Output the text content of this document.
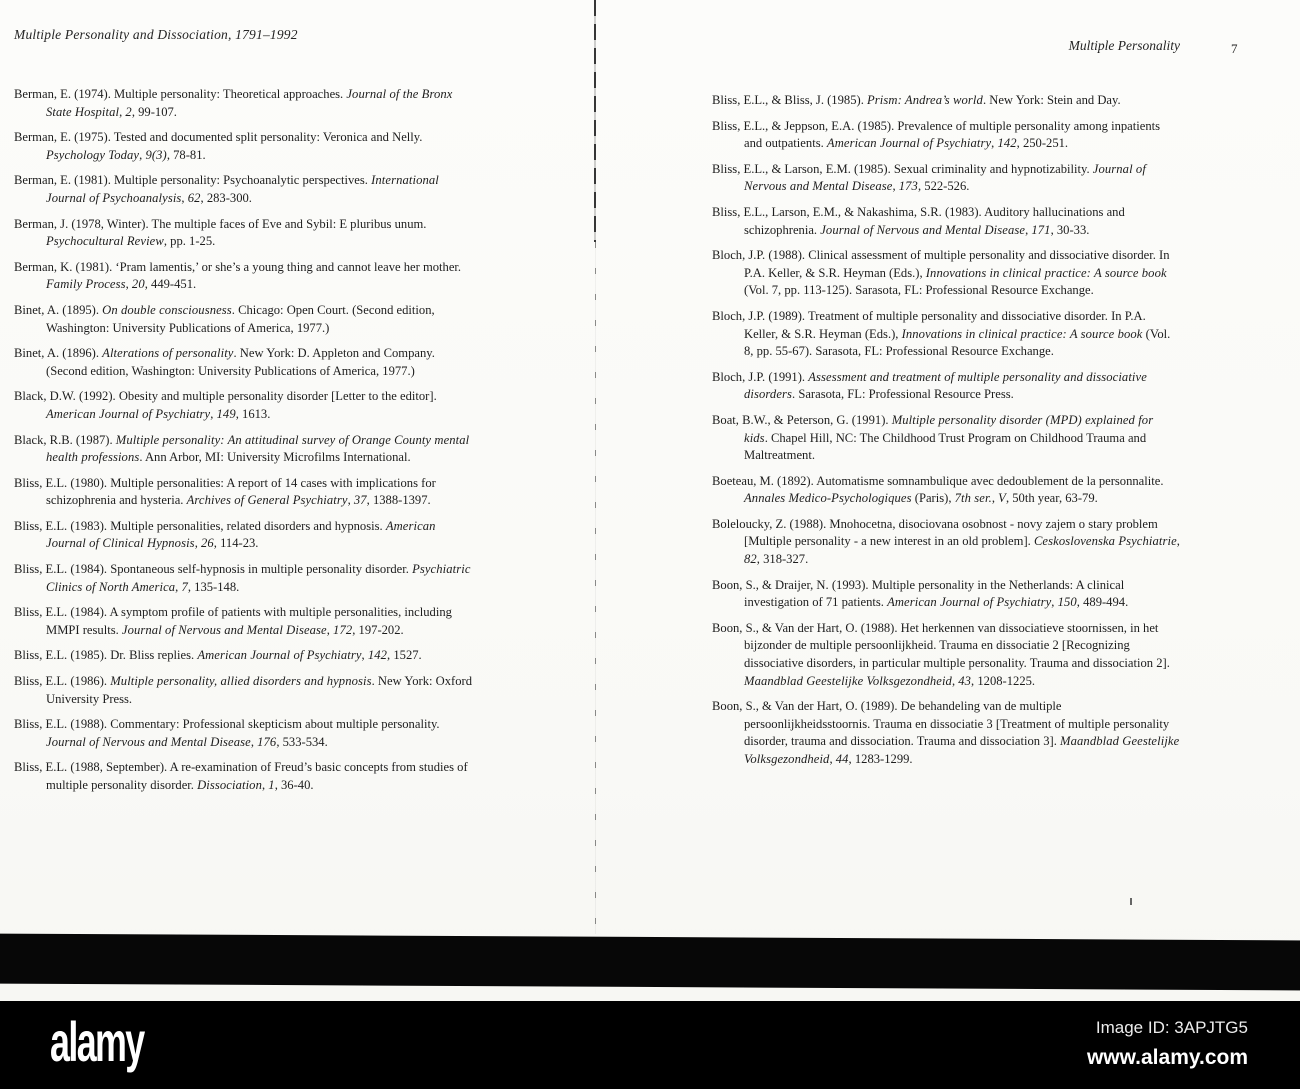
Multiple Personality and Dissociation, 1791–1992
Multiple Personality	7

Berman, E. (1974). Multiple personality: Theoretical approaches. Journal of the Bronx State Hospital, 2, 99-107.

Berman, E. (1975). Tested and documented split personality: Veronica and Nelly. Psychology Today, 9(3), 78-81.

Berman, E. (1981). Multiple personality: Psychoanalytic perspectives. International Journal of Psychoanalysis, 62, 283-300.

Berman, J. (1978, Winter). The multiple faces of Eve and Sybil: E pluribus unum. Psychocultural Review, pp. 1-25.

Berman, K. (1981). ‘Pram lamentis,’ or she’s a young thing and cannot leave her mother. Family Process, 20, 449-451.

Binet, A. (1895). On double consciousness. Chicago: Open Court. (Second edition, Washington: University Publications of America, 1977.)

Binet, A. (1896). Alterations of personality. New York: D. Appleton and Company. (Second edition, Washington: University Publications of America, 1977.)

Black, D.W. (1992). Obesity and multiple personality disorder [Letter to the editor]. American Journal of Psychiatry, 149, 1613.

Black, R.B. (1987). Multiple personality: An attitudinal survey of Orange County mental health professions. Ann Arbor, MI: University Microfilms International.

Bliss, E.L. (1980). Multiple personalities: A report of 14 cases with implications for schizophrenia and hysteria. Archives of General Psychiatry, 37, 1388-1397.

Bliss, E.L. (1983). Multiple personalities, related disorders and hypnosis. American Journal of Clinical Hypnosis, 26, 114-23.

Bliss, E.L. (1984). Spontaneous self-hypnosis in multiple personality disorder. Psychiatric Clinics of North America, 7, 135-148.

Bliss, E.L. (1984). A symptom profile of patients with multiple personalities, including MMPI results. Journal of Nervous and Mental Disease, 172, 197-202.

Bliss, E.L. (1985). Dr. Bliss replies. American Journal of Psychiatry, 142, 1527.

Bliss, E.L. (1986). Multiple personality, allied disorders and hypnosis. New York: Oxford University Press.

Bliss, E.L. (1988). Commentary: Professional skepticism about multiple personality. Journal of Nervous and Mental Disease, 176, 533-534.

Bliss, E.L. (1988, September). A re-examination of Freud’s basic concepts from studies of multiple personality disorder. Dissociation, 1, 36-40.

Bliss, E.L., & Bliss, J. (1985). Prism: Andrea’s world. New York: Stein and Day.

Bliss, E.L., & Jeppson, E.A. (1985). Prevalence of multiple personality among inpatients and outpatients. American Journal of Psychiatry, 142, 250-251.

Bliss, E.L., & Larson, E.M. (1985). Sexual criminality and hypnotizability. Journal of Nervous and Mental Disease, 173, 522-526.

Bliss, E.L., Larson, E.M., & Nakashima, S.R. (1983). Auditory hallucinations and schizophrenia. Journal of Nervous and Mental Disease, 171, 30-33.

Bloch, J.P. (1988). Clinical assessment of multiple personality and dissociative disorder. In P.A. Keller, & S.R. Heyman (Eds.), Innovations in clinical practice: A source book (Vol. 7, pp. 113-125). Sarasota, FL: Professional Resource Exchange.

Bloch, J.P. (1989). Treatment of multiple personality and dissociative disorder. In P.A. Keller, & S.R. Heyman (Eds.), Innovations in clinical practice: A source book (Vol. 8, pp. 55-67). Sarasota, FL: Professional Resource Exchange.

Bloch, J.P. (1991). Assessment and treatment of multiple personality and dissociative disorders. Sarasota, FL: Professional Resource Press.

Boat, B.W., & Peterson, G. (1991). Multiple personality disorder (MPD) explained for kids. Chapel Hill, NC: The Childhood Trust Program on Childhood Trauma and Maltreatment.

Boeteau, M. (1892). Automatisme somnambulique avec dedoublement de la personnalite. Annales Medico-Psychologiques (Paris), 7th ser., V, 50th year, 63-79.

Boleloucky, Z. (1988). Mnohocetna, disociovana osobnost - novy zajem o stary problem [Multiple personality - a new interest in an old problem]. Ceskoslovenska Psychiatrie, 82, 318-327.

Boon, S., & Draijer, N. (1993). Multiple personality in the Netherlands: A clinical investigation of 71 patients. American Journal of Psychiatry, 150, 489-494.

Boon, S., & Van der Hart, O. (1988). Het herkennen van dissociatieve stoornissen, in het bijzonder de multiple persoonlijkheid. Trauma en dissociatie 2 [Recognizing dissociative disorders, in particular multiple personality. Trauma and dissociation 2]. Maandblad Geestelijke Volksgezondheid, 43, 1208-1225.

Boon, S., & Van der Hart, O. (1989). De behandeling van de multiple persoonlijkheidsstoornis. Trauma en dissociatie 3 [Treatment of multiple personality disorder, trauma and dissociation. Trauma and dissociation 3]. Maandblad Geestelijke Volksgezondheid, 44, 1283-1299.

alamy	Image ID: 3APJTG5
www.alamy.com
